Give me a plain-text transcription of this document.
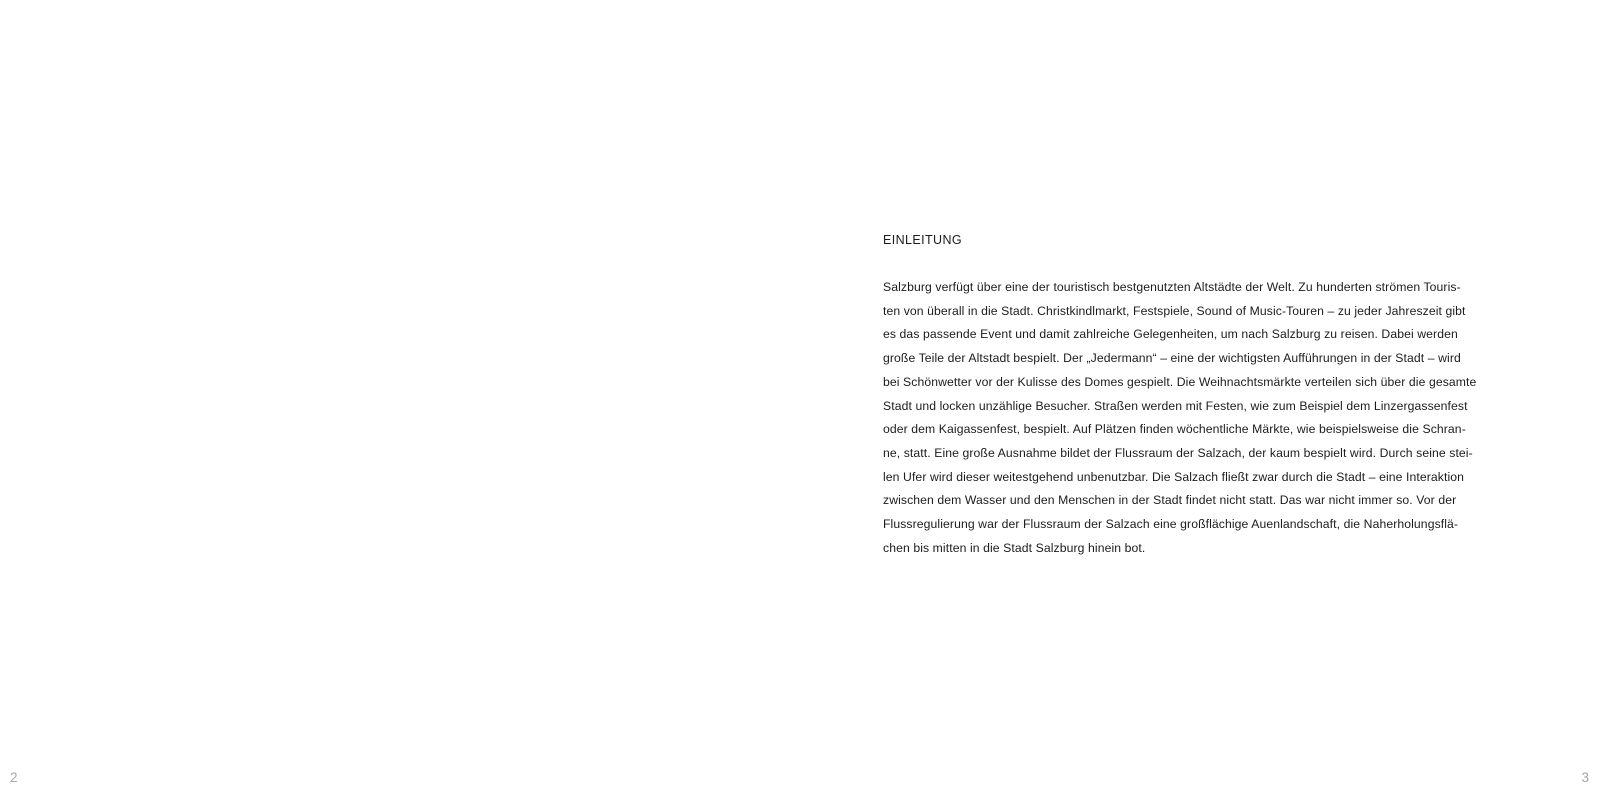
2
EINLEITUNG
Salzburg verfügt über eine der touristisch bestgenutzten Altstädte der Welt. Zu hunderten strömen Touris-
ten von überall in die Stadt. Christkindlmarkt, Festspiele, Sound of Music-Touren – zu jeder Jahreszeit gibt
es das passende Event und damit zahlreiche Gelegenheiten, um nach Salzburg zu reisen. Dabei werden
große Teile der Altstadt bespielt. Der „Jedermann“ – eine der wichtigsten Aufführungen in der Stadt – wird
bei Schönwetter vor der Kulisse des Domes gespielt. Die Weihnachtsmärkte verteilen sich über die gesamte
Stadt und locken unzählige Besucher. Straßen werden mit Festen, wie zum Beispiel dem Linzergassenfest
oder dem Kaigassenfest, bespielt. Auf Plätzen finden wöchentliche Märkte, wie beispielsweise die Schran-
ne, statt. Eine große Ausnahme bildet der Flussraum der Salzach, der kaum bespielt wird. Durch seine stei-
len Ufer wird dieser weitestgehend unbenutzbar. Die Salzach fließt zwar durch die Stadt – eine Interaktion
zwischen dem Wasser und den Menschen in der Stadt findet nicht statt. Das war nicht immer so. Vor der
Flussregulierung war der Flussraum der Salzach eine großflächige Auenlandschaft, die Naherholungsflä-
chen bis mitten in die Stadt Salzburg hinein bot.
3
